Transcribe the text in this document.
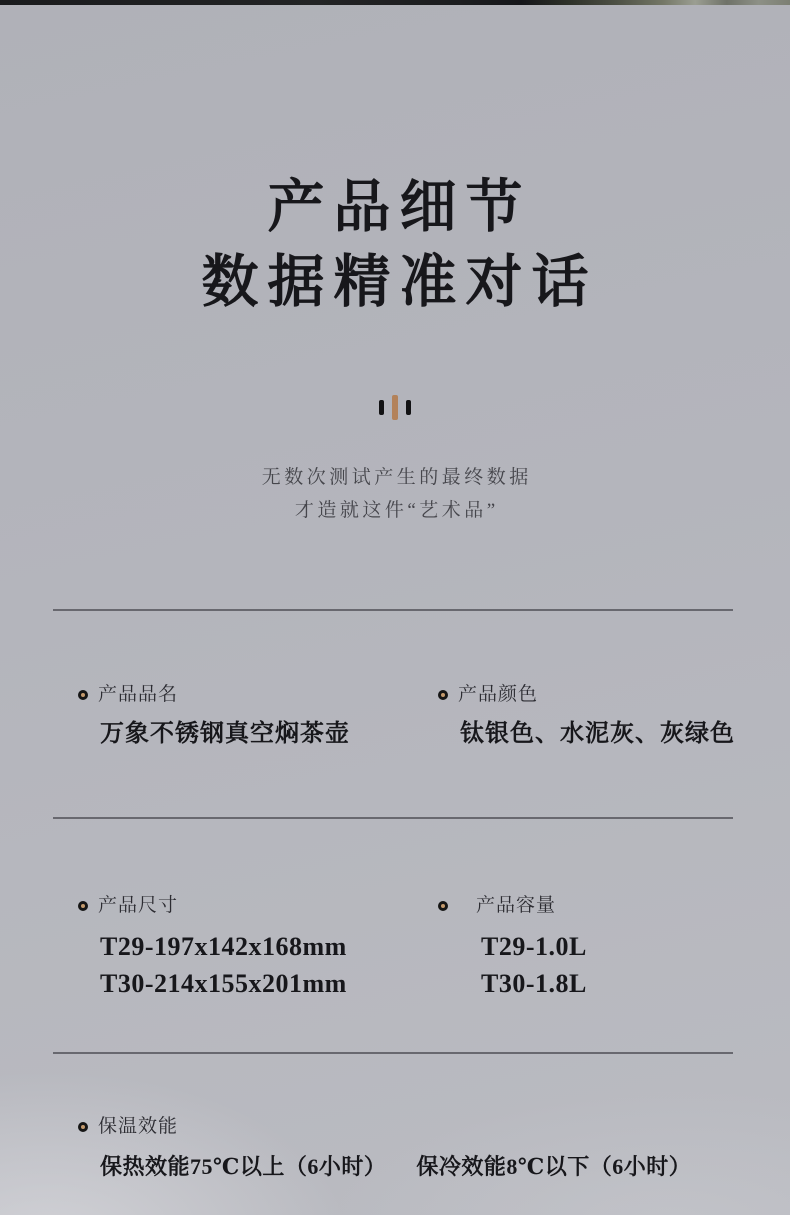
产品细节
数据精准对话
无数次测试产生的最终数据
才造就这件“艺术品”
产品品名
万象不锈钢真空焖茶壶
产品颜色
钛银色、水泥灰、灰绿色
产品尺寸
T29-197x142x168mm
T30-214x155x201mm
产品容量
T29-1.0L
T30-1.8L
保温效能
保热效能75℃以上（6小时） 保冷效能8℃以下（6小时）
